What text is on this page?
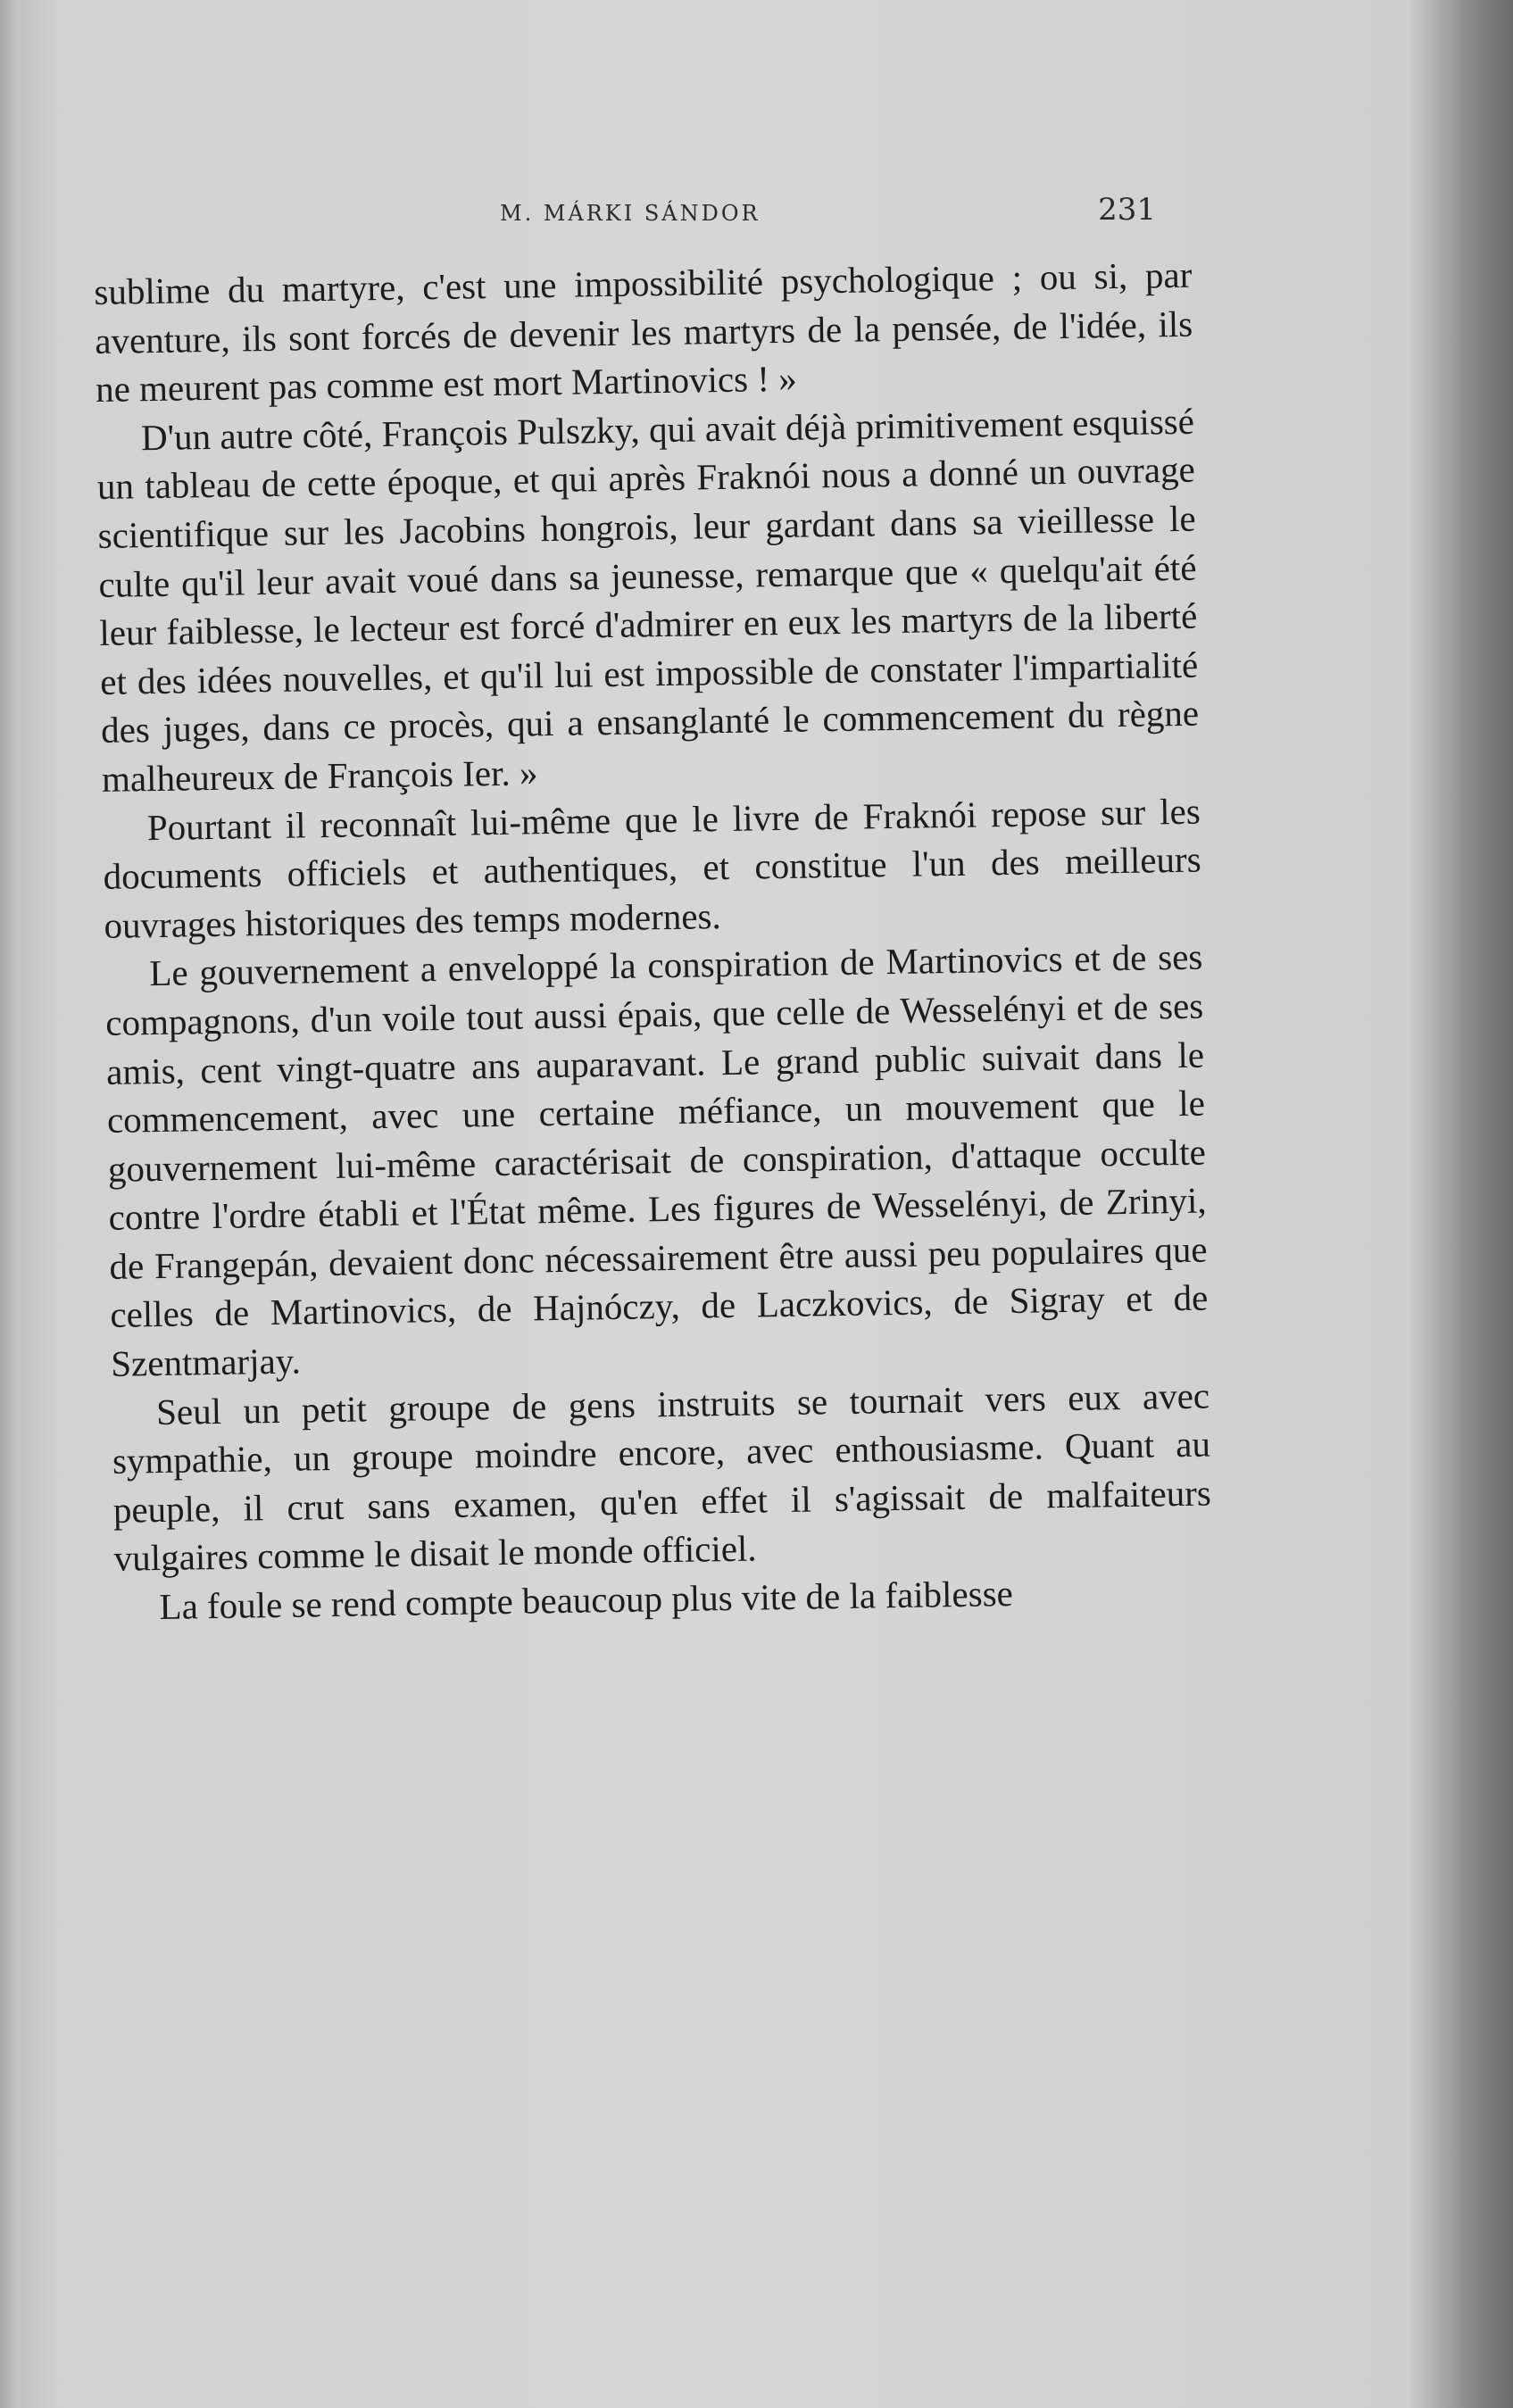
M. MÁRKI SÁNDOR	231

sublime du martyre, c'est une impossibilité psychologique ; ou si, par aventure, ils sont forcés de devenir les martyrs de la pensée, de l'idée, ils ne meurent pas comme est mort Martinovics ! »

D'un autre côté, François Pulszky, qui avait déjà primitivement esquissé un tableau de cette époque, et qui après Fraknói nous a donné un ouvrage scientifique sur les Jacobins hongrois, leur gardant dans sa vieillesse le culte qu'il leur avait voué dans sa jeunesse, remarque que « quelqu'ait été leur faiblesse, le lecteur est forcé d'admirer en eux les martyrs de la liberté et des idées nouvelles, et qu'il lui est impossible de constater l'impartialité des juges, dans ce procès, qui a ensanglanté le commencement du règne malheureux de François Ier. »

Pourtant il reconnaît lui-même que le livre de Fraknói repose sur les documents officiels et authentiques, et constitue l'un des meilleurs ouvrages historiques des temps modernes.

Le gouvernement a enveloppé la conspiration de Martinovics et de ses compagnons, d'un voile tout aussi épais, que celle de Wesselényi et de ses amis, cent vingt-quatre ans auparavant. Le grand public suivait dans le commencement, avec une certaine méfiance, un mouvement que le gouvernement lui-même caractérisait de conspiration, d'attaque occulte contre l'ordre établi et l'État même. Les figures de Wesselényi, de Zrinyi, de Frangepán, devaient donc nécessairement être aussi peu populaires que celles de Martinovics, de Hajnóczy, de Laczkovics, de Sigray et de Szentmarjay.

Seul un petit groupe de gens instruits se tournait vers eux avec sympathie, un groupe moindre encore, avec enthousiasme. Quant au peuple, il crut sans examen, qu'en effet il s'agissait de malfaiteurs vulgaires comme le disait le monde officiel.

La foule se rend compte beaucoup plus vite de la faiblesse
